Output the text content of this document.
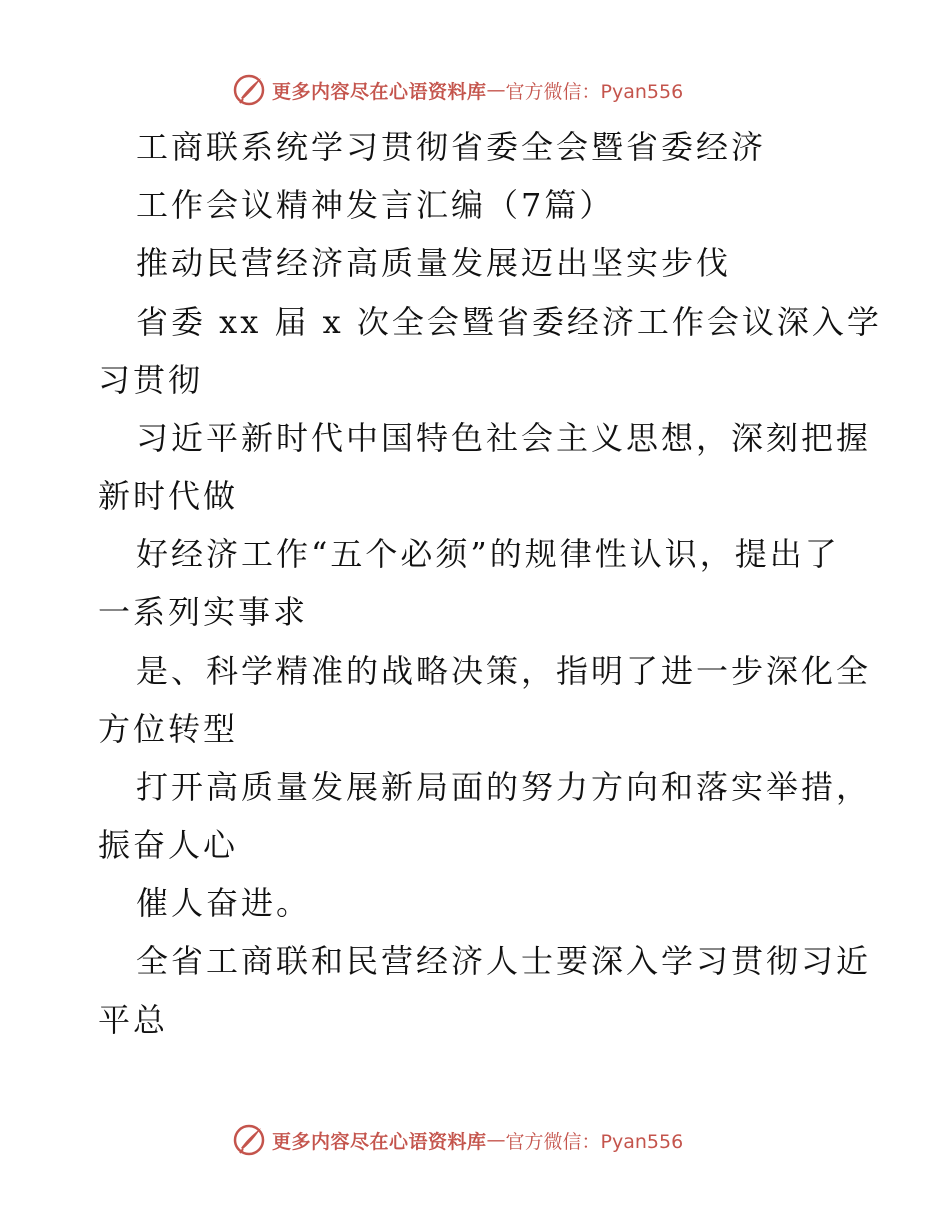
更多内容尽在心语资料库 — 官方微信：Pyan556
工商联系统学习贯彻省委全会暨省委经济
工作会议精神发言汇编（7篇）
推动民营经济高质量发展迈出坚实步伐
省委 xx 届 x 次全会暨省委经济工作会议深入学
习贯彻
习近平新时代中国特色社会主义思想，深刻把握
新时代做
好经济工作“五个必须”的规律性认识，提出了
一系列实事求
是、科学精准的战略决策，指明了进一步深化全
方位转型
打开高质量发展新局面的努力方向和落实举措，
振奋人心
催人奋进。
全省工商联和民营经济人士要深入学习贯彻习近
平总
更多内容尽在心语资料库 — 官方微信：Pyan556
